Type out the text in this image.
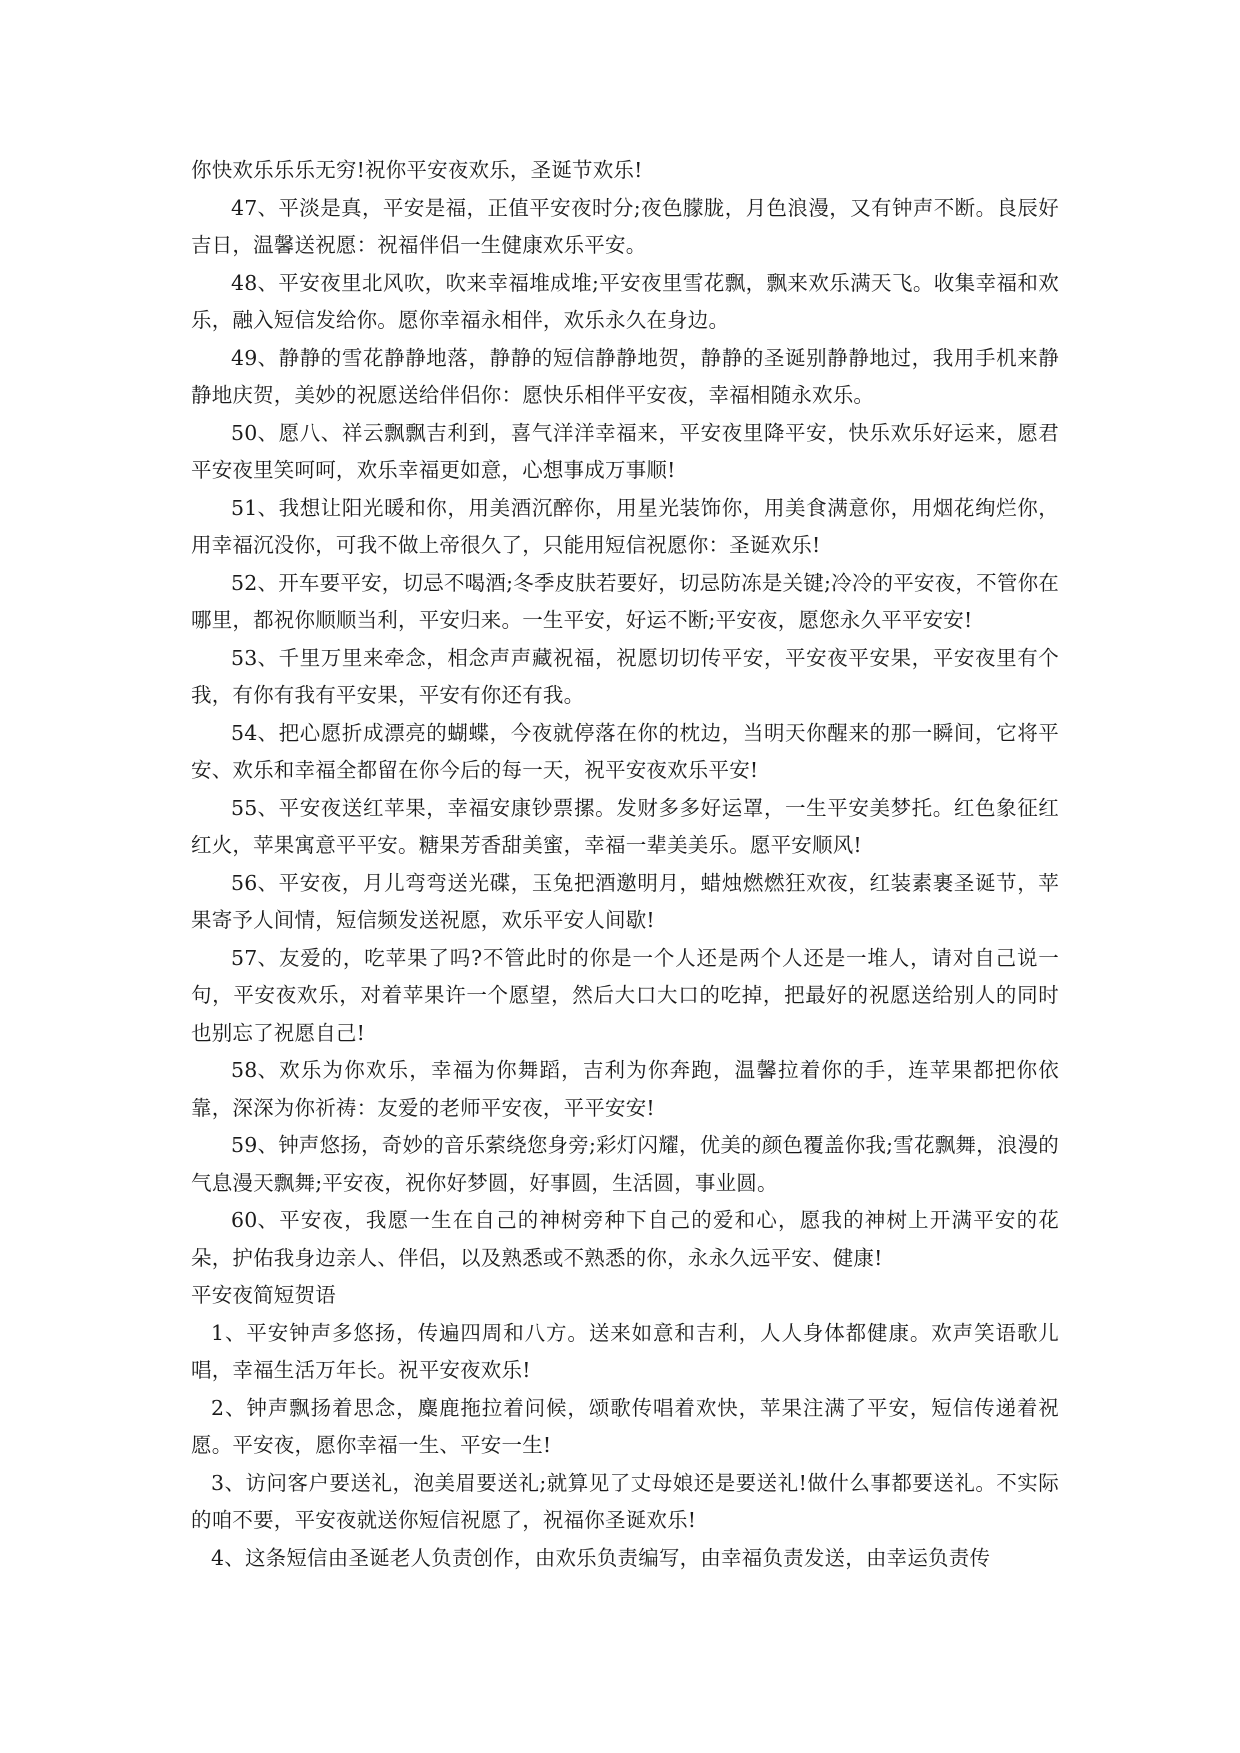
你快欢乐乐乐无穷!祝你平安夜欢乐，圣诞节欢乐!

47、平淡是真，平安是福，正值平安夜时分;夜色朦胧，月色浪漫，又有钟声不断。良辰好吉日，温馨送祝愿：祝福伴侣一生健康欢乐平安。

48、平安夜里北风吹，吹来幸福堆成堆;平安夜里雪花飘，飘来欢乐满天飞。收集幸福和欢乐，融入短信发给你。愿你幸福永相伴，欢乐永久在身边。

49、静静的雪花静静地落，静静的短信静静地贺，静静的圣诞别静静地过，我用手机来静静地庆贺，美妙的祝愿送给伴侣你：愿快乐相伴平安夜，幸福相随永欢乐。

50、愿八、祥云飘飘吉利到，喜气洋洋幸福来，平安夜里降平安，快乐欢乐好运来，愿君平安夜里笑呵呵，欢乐幸福更如意，心想事成万事顺!

51、我想让阳光暖和你，用美酒沉醉你，用星光装饰你，用美食满意你，用烟花绚烂你，用幸福沉没你，可我不做上帝很久了，只能用短信祝愿你：圣诞欢乐!

52、开车要平安，切忌不喝酒;冬季皮肤若要好，切忌防冻是关键;冷冷的平安夜，不管你在哪里，都祝你顺顺当利，平安归来。一生平安，好运不断;平安夜，愿您永久平平安安!

53、千里万里来牵念，相念声声藏祝福，祝愿切切传平安，平安夜平安果，平安夜里有个我，有你有我有平安果，平安有你还有我。

54、把心愿折成漂亮的蝴蝶，今夜就停落在你的枕边，当明天你醒来的那一瞬间，它将平安、欢乐和幸福全都留在你今后的每一天，祝平安夜欢乐平安!

55、平安夜送红苹果，幸福安康钞票摞。发财多多好运罩，一生平安美梦托。红色象征红红火，苹果寓意平平安。糖果芳香甜美蜜，幸福一辈美美乐。愿平安顺风!

56、平安夜，月儿弯弯送光碟，玉兔把酒邀明月，蜡烛燃燃狂欢夜，红装素裹圣诞节，苹果寄予人间情，短信频发送祝愿，欢乐平安人间歇!

57、友爱的，吃苹果了吗?不管此时的你是一个人还是两个人还是一堆人，请对自己说一句，平安夜欢乐，对着苹果许一个愿望，然后大口大口的吃掉，把最好的祝愿送给别人的同时也别忘了祝愿自己!

58、欢乐为你欢乐，幸福为你舞蹈，吉利为你奔跑，温馨拉着你的手，连苹果都把你依靠，深深为你祈祷：友爱的老师平安夜，平平安安!

59、钟声悠扬，奇妙的音乐萦绕您身旁;彩灯闪耀，优美的颜色覆盖你我;雪花飘舞，浪漫的气息漫天飘舞;平安夜，祝你好梦圆，好事圆，生活圆，事业圆。

60、平安夜，我愿一生在自己的神树旁种下自己的爱和心，愿我的神树上开满平安的花朵，护佑我身边亲人、伴侣，以及熟悉或不熟悉的你，永永久远平安、健康!

平安夜简短贺语

1、平安钟声多悠扬，传遍四周和八方。送来如意和吉利，人人身体都健康。欢声笑语歌儿唱，幸福生活万年长。祝平安夜欢乐!

2、钟声飘扬着思念，麋鹿拖拉着问候，颂歌传唱着欢快，苹果注满了平安，短信传递着祝愿。平安夜，愿你幸福一生、平安一生!

3、访问客户要送礼，泡美眉要送礼;就算见了丈母娘还是要送礼!做什么事都要送礼。不实际的咱不要，平安夜就送你短信祝愿了，祝福你圣诞欢乐!

4、这条短信由圣诞老人负责创作，由欢乐负责编写，由幸福负责发送，由幸运负责传
